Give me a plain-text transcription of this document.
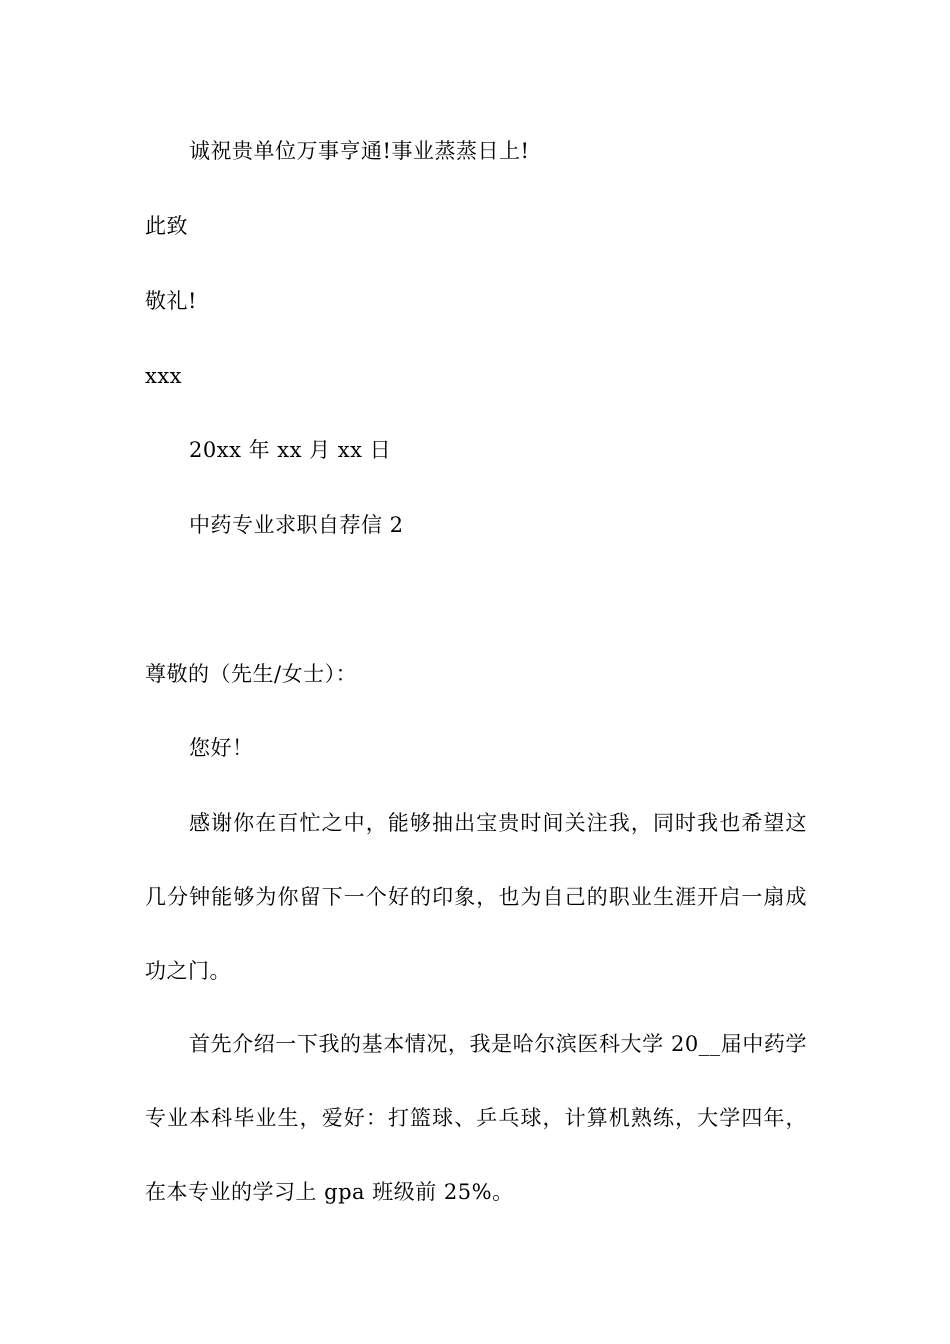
诚祝贵单位万事亨通!事业蒸蒸日上!
此致
敬礼!
xxx
20xx 年 xx 月 xx 日
中药专业求职自荐信 2
尊敬的（先生/女士）：
您好！
感谢你在百忙之中，能够抽出宝贵时间关注我，同时我也希望这几分钟能够为你留下一个好的印象，也为自己的职业生涯开启一扇成功之门。
首先介绍一下我的基本情况，我是哈尔滨医科大学 20__届中药学专业本科毕业生，爱好：打篮球、乒乓球，计算机熟练，大学四年，在本专业的学习上 gpa 班级前 25%。
